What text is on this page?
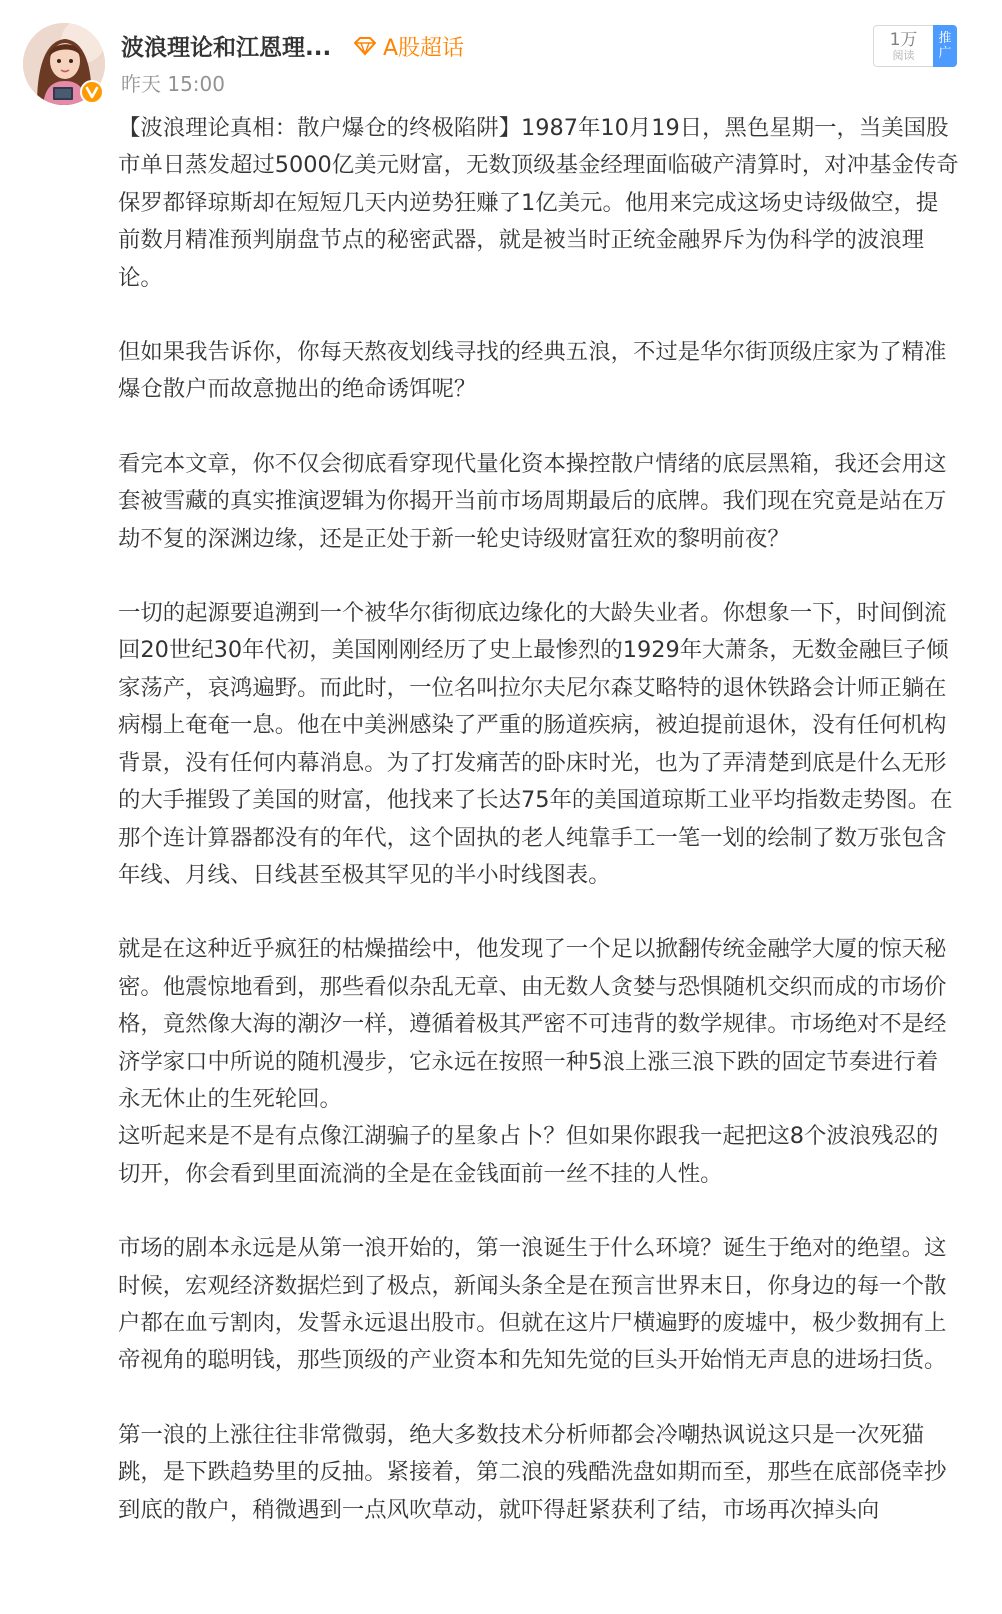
波浪理论和江恩理... A股超话
昨天 15:00
1万
阅读
推广

【波浪理论真相：散户爆仓的终极陷阱】1987年10月19日，黑色星期一，当美国股市单日蒸发超过5000亿美元财富，无数顶级基金经理面临破产清算时，对冲基金传奇保罗都铎琼斯却在短短几天内逆势狂赚了1亿美元。他用来完成这场史诗级做空，提前数月精准预判崩盘节点的秘密武器，就是被当时正统金融界斥为伪科学的波浪理论。

但如果我告诉你，你每天熬夜划线寻找的经典五浪，不过是华尔街顶级庄家为了精准爆仓散户而故意抛出的绝命诱饵呢？

看完本文章，你不仅会彻底看穿现代量化资本操控散户情绪的底层黑箱，我还会用这套被雪藏的真实推演逻辑为你揭开当前市场周期最后的底牌。我们现在究竟是站在万劫不复的深渊边缘，还是正处于新一轮史诗级财富狂欢的黎明前夜？

一切的起源要追溯到一个被华尔街彻底边缘化的大龄失业者。你想象一下，时间倒流回20世纪30年代初，美国刚刚经历了史上最惨烈的1929年大萧条，无数金融巨子倾家荡产，哀鸿遍野。而此时，一位名叫拉尔夫尼尔森艾略特的退休铁路会计师正躺在病榻上奄奄一息。他在中美洲感染了严重的肠道疾病，被迫提前退休，没有任何机构背景，没有任何内幕消息。为了打发痛苦的卧床时光，也为了弄清楚到底是什么无形的大手摧毁了美国的财富，他找来了长达75年的美国道琼斯工业平均指数走势图。在那个连计算器都没有的年代，这个固执的老人纯靠手工一笔一划的绘制了数万张包含年线、月线、日线甚至极其罕见的半小时线图表。

就是在这种近乎疯狂的枯燥描绘中，他发现了一个足以掀翻传统金融学大厦的惊天秘密。他震惊地看到，那些看似杂乱无章、由无数人贪婪与恐惧随机交织而成的市场价格，竟然像大海的潮汐一样，遵循着极其严密不可违背的数学规律。市场绝对不是经济学家口中所说的随机漫步，它永远在按照一种5浪上涨三浪下跌的固定节奏进行着永无休止的生死轮回。

这听起来是不是有点像江湖骗子的星象占卜？但如果你跟我一起把这8个波浪残忍的切开，你会看到里面流淌的全是在金钱面前一丝不挂的人性。

市场的剧本永远是从第一浪开始的，第一浪诞生于什么环境？诞生于绝对的绝望。这时候，宏观经济数据烂到了极点，新闻头条全是在预言世界末日，你身边的每一个散户都在血亏割肉，发誓永远退出股市。但就在这片尸横遍野的废墟中，极少数拥有上帝视角的聪明钱，那些顶级的产业资本和先知先觉的巨头开始悄无声息的进场扫货。

第一浪的上涨往往非常微弱，绝大多数技术分析师都会冷嘲热讽说这只是一次死猫跳，是下跌趋势里的反抽。紧接着，第二浪的残酷洗盘如期而至，那些在底部侥幸抄到底的散户，稍微遇到一点风吹草动，就吓得赶紧获利了结，市场再次掉头向
